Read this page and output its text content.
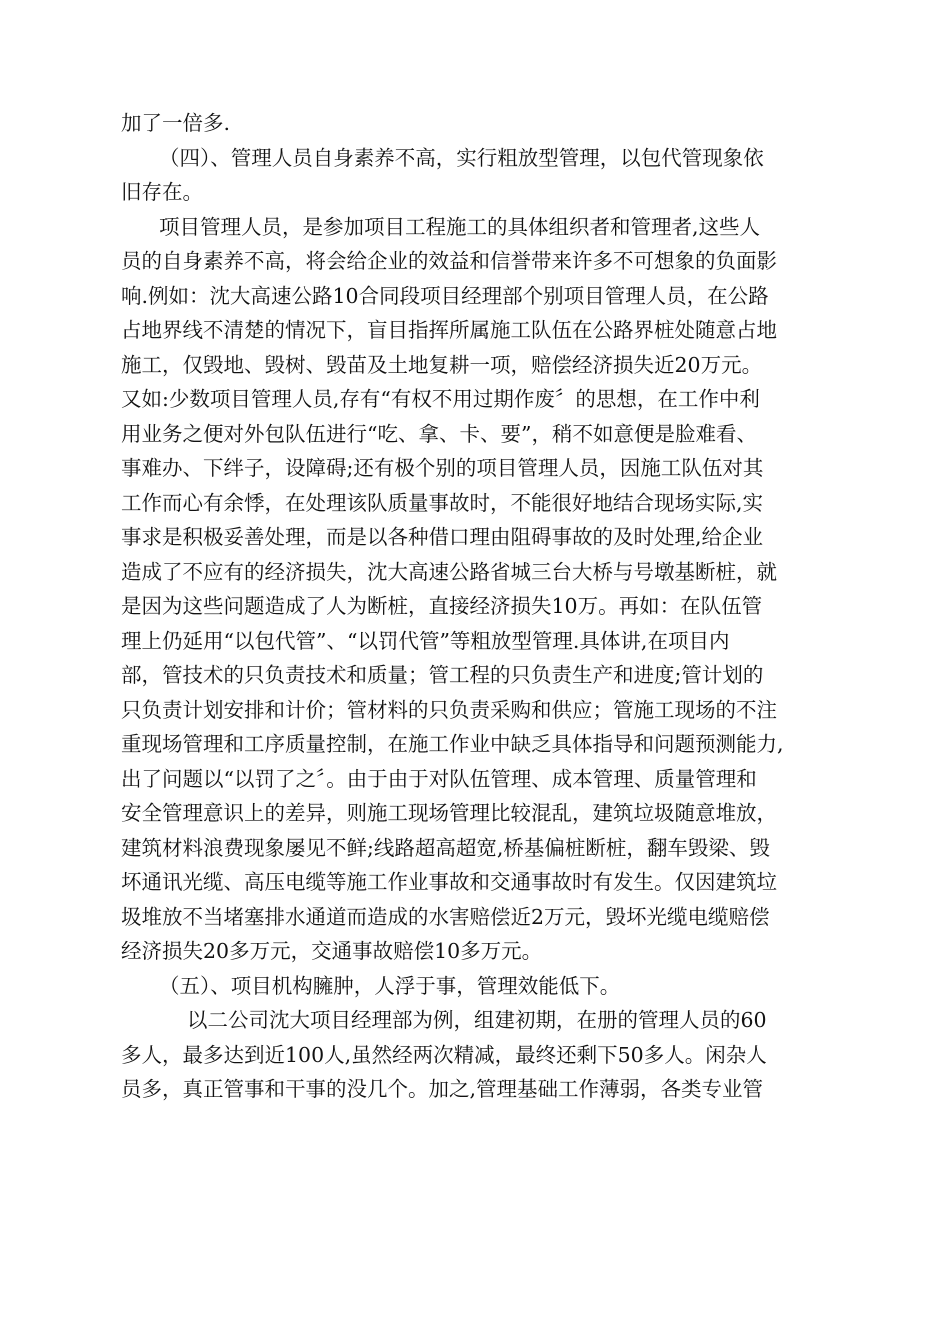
加了一倍多.
（四）、管理人员自身素养不高，实行粗放型管理，以包代管现象依
旧存在。
项目管理人员，是参加项目工程施工的具体组织者和管理者,这些人
员的自身素养不高，将会给企业的效益和信誉带来许多不可想象的负面影
响.例如：沈大高速公路10合同段项目经理部个别项目管理人员，在公路
占地界线不清楚的情况下，盲目指挥所属施工队伍在公路界桩处随意占地
施工，仅毁地、毁树、毁苗及土地复耕一项，赔偿经济损失近20万元。
又如:少数项目管理人员,存有“有权不用过期作废〞的思想，在工作中利
用业务之便对外包队伍进行“吃、拿、卡、要”，稍不如意便是脸难看、
事难办、下绊子，设障碍;还有极个别的项目管理人员，因施工队伍对其
工作而心有余悸，在处理该队质量事故时，不能很好地结合现场实际,实
事求是积极妥善处理，而是以各种借口理由阻碍事故的及时处理,给企业
造成了不应有的经济损失，沈大高速公路省城三台大桥与号墩基断桩，就
是因为这些问题造成了人为断桩，直接经济损失10万。再如：在队伍管
理上仍延用“以包代管”、“以罚代管”等粗放型管理.具体讲,在项目内
部，管技术的只负责技术和质量；管工程的只负责生产和进度;管计划的
只负责计划安排和计价；管材料的只负责采购和供应；管施工现场的不注
重现场管理和工序质量控制，在施工作业中缺乏具体指导和问题预测能力,
出了问题以“以罚了之〞。由于由于对队伍管理、成本管理、质量管理和
安全管理意识上的差异，则施工现场管理比较混乱，建筑垃圾随意堆放，
建筑材料浪费现象屡见不鲜;线路超高超宽,桥基偏桩断桩，翻车毁梁、毁
坏通讯光缆、高压电缆等施工作业事故和交通事故时有发生。仅因建筑垃
圾堆放不当堵塞排水通道而造成的水害赔偿近2万元，毁坏光缆电缆赔偿
经济损失20多万元，交通事故赔偿10多万元。
（五）、项目机构臃肿，人浮于事，管理效能低下。
以二公司沈大项目经理部为例，组建初期，在册的管理人员的60
多人，最多达到近100人,虽然经两次精减，最终还剩下50多人。闲杂人
员多，真正管事和干事的没几个。加之,管理基础工作薄弱，各类专业管
